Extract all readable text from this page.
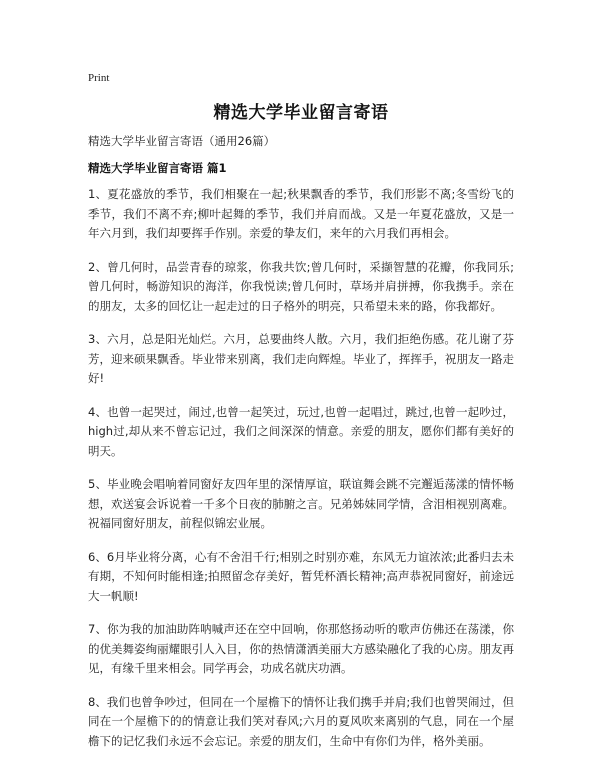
Print
精选大学毕业留言寄语
精选大学毕业留言寄语（通用26篇）
精选大学毕业留言寄语 篇1

1、夏花盛放的季节，我们相聚在一起;秋果飘香的季节，我们形影不离;冬雪纷飞的季节，我们不离不弃;柳叶起舞的季节，我们并肩而战。又是一年夏花盛放，又是一年六月到，我们却要挥手作别。亲爱的挚友们，来年的六月我们再相会。

2、曾几何时，品尝青春的琼浆，你我共饮;曾几何时，采撷智慧的花瓣，你我同乐;曾几何时，畅游知识的海洋，你我悦读;曾几何时，草场并肩拼搏，你我携手。亲在的朋友，太多的回忆让一起走过的日子格外的明亮，只希望未来的路，你我都好。

3、六月，总是阳光灿烂。六月，总要曲终人散。六月，我们拒绝伤感。花儿谢了芬芳，迎来硕果飘香。毕业带来别离，我们走向辉煌。毕业了，挥挥手，祝朋友一路走好!

4、也曾一起哭过，闹过,也曾一起笑过，玩过,也曾一起唱过，跳过,也曾一起吵过，high过,却从来不曾忘记过，我们之间深深的情意。亲爱的朋友，愿你们都有美好的明天。

5、毕业晚会唱响着同窗好友四年里的深情厚谊，联谊舞会跳不完邂逅荡漾的情怀畅想，欢送宴会诉说着一千多个日夜的肺腑之言。兄弟姊妹同学情，含泪相视别离难。祝福同窗好朋友，前程似锦宏业展。

6、6月毕业将分离，心有不舍泪千行;相别之时别亦难，东风无力谊浓浓;此番归去未有期，不知何时能相逢;拍照留念存美好，暂凭杯酒长精神;高声恭祝同窗好，前途远大一帆顺!

7、你为我的加油助阵呐喊声还在空中回响，你那悠扬动听的歌声仿佛还在荡漾，你的优美舞姿绚丽耀眼引人入目，你的热情潇洒美丽大方感染融化了我的心房。朋友再见，有缘千里来相会。同学再会，功成名就庆功酒。

8、我们也曾争吵过，但同在一个屋檐下的情怀让我们携手并肩;我们也曾哭闹过，但同在一个屋檐下的的情意让我们笑对春风;六月的夏风吹来离别的气息，同在一个屋檐下的记忆我们永远不会忘记。亲爱的朋友们，生命中有你们为伴，格外美丽。
